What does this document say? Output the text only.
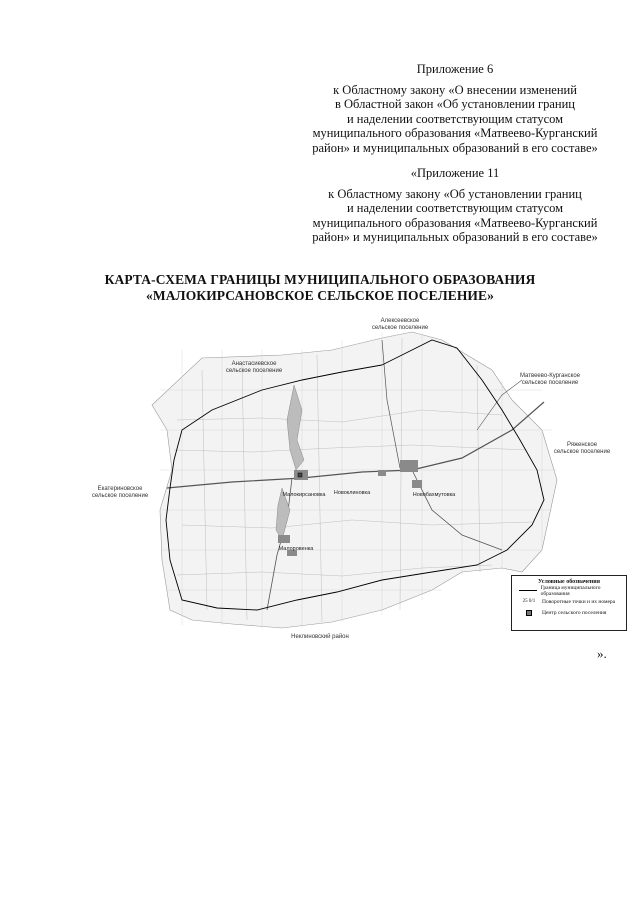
Приложение 6
к Областному закону «О внесении изменений
в Областной закон «Об установлении границ
и наделении соответствующим статусом
муниципального образования «Матвеево-Курганский
район» и муниципальных образований в его составе»
«Приложение 11
к Областному закону «Об установлении границ
и наделении соответствующим статусом
муниципального образования «Матвеево-Курганский
район» и муниципальных образований в его составе»
КАРТА-СХЕМА ГРАНИЦЫ МУНИЦИПАЛЬНОГО ОБРАЗОВАНИЯ
«МАЛОКИРСАНОВСКОЕ СЕЛЬСКОЕ ПОСЕЛЕНИЕ»
Алексеевское
сельское поселение
Анастасиевское
сельское поселение
Матвеево-Курганское
сельское поселение
Ряженское
сельское поселение
Екатериновское
сельское поселение
Неклиновский район
Малокирсановка Новоклиновка	Новобахмутовка
Малоровенка
Условные обозначения
Граница муниципального образования
25 0/1	Поворотные точки и их номера
Центр сельского поселения
».
